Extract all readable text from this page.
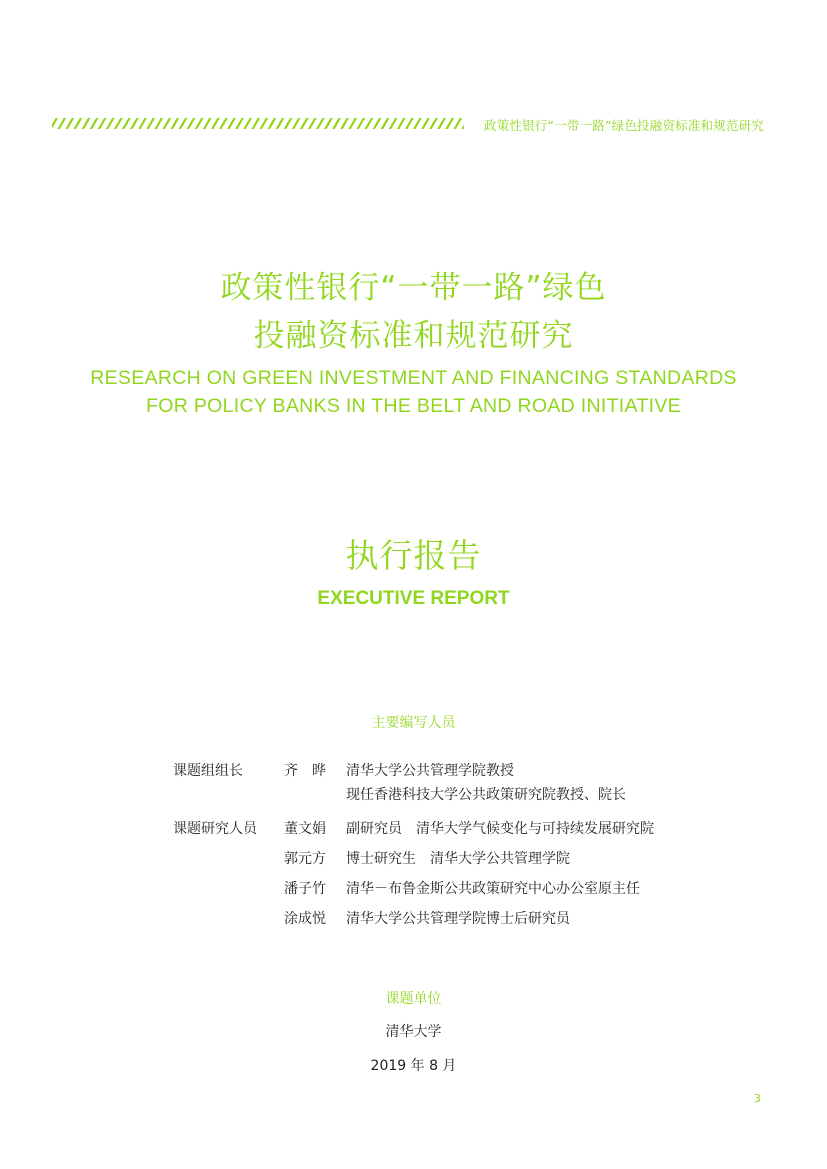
政策性银行“一带一路”绿色投融资标准和规范研究
政策性银行“一带一路”绿色
投融资标准和规范研究
RESEARCH ON GREEN INVESTMENT AND FINANCING STANDARDS
FOR POLICY BANKS IN THE BELT AND ROAD INITIATIVE
执行报告
EXECUTIVE REPORT
主要编写人员
课题组组长	齐　晔 清华大学公共管理学院教授
现任香港科技大学公共政策研究院教授、院长
课题研究人员 董文娟 副研究员　清华大学气候变化与可持续发展研究院
郭元方 博士研究生　清华大学公共管理学院
潘子竹 清华－布鲁金斯公共政策研究中心办公室原主任
涂成悦 清华大学公共管理学院博士后研究员
课题单位
清华大学
2019 年 8 月
3
